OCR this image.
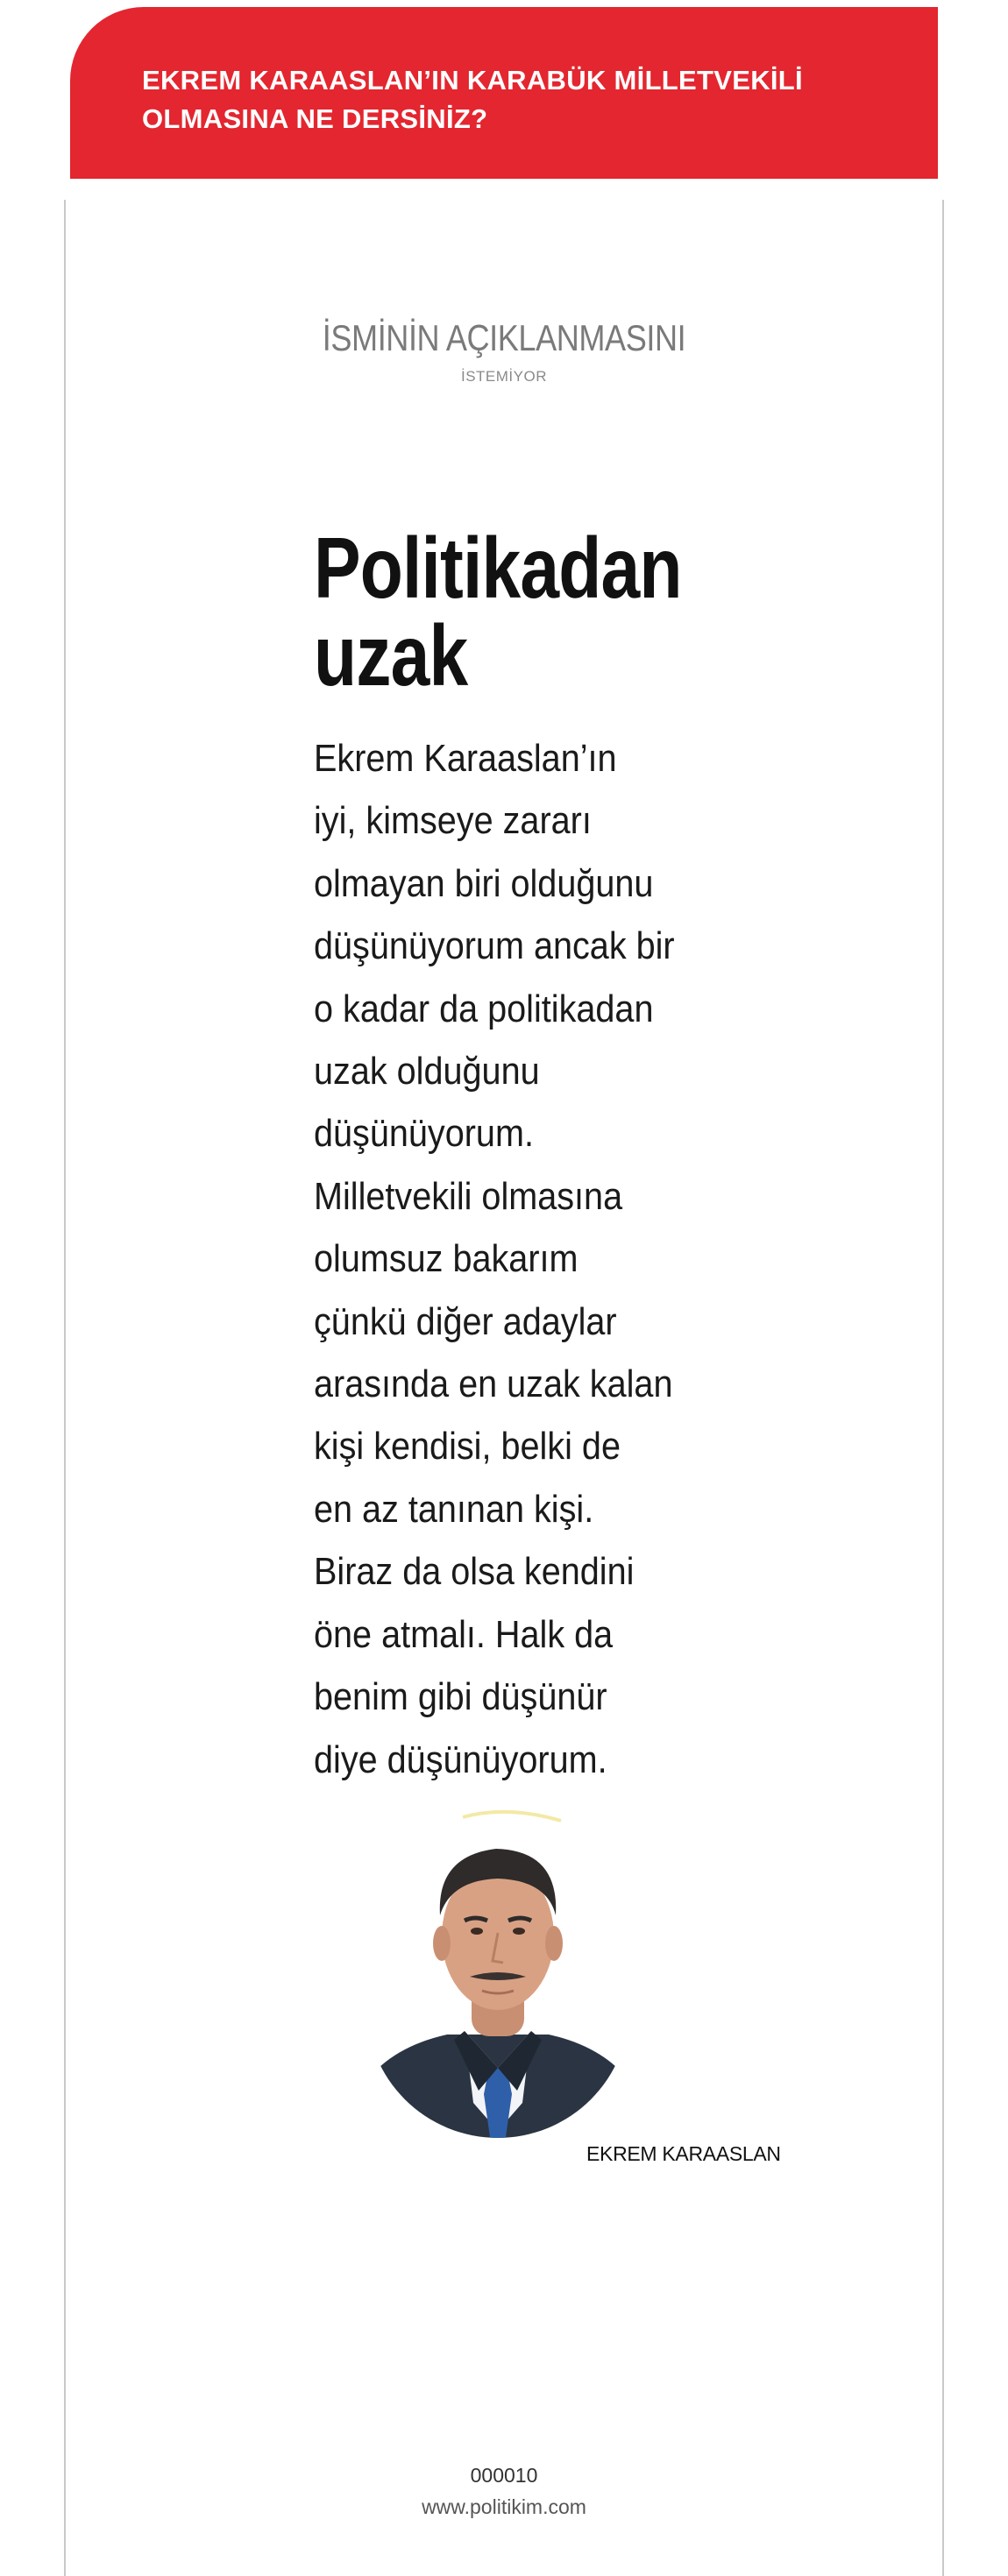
EKREM KARAASLAN’IN KARABÜK MİLLETVEKİLİ
OLMASINA NE DERSİNİZ?
İSMİNİN AÇIKLANMASINI
İSTEMİYOR
Politikadan
uzak
Ekrem Karaaslan’ın
iyi, kimseye zararı
olmayan biri olduğunu
düşünüyorum ancak bir
o kadar da politikadan
uzak olduğunu
düşünüyorum.
Milletvekili olmasına
olumsuz bakarım
çünkü diğer adaylar
arasında en uzak kalan
kişi kendisi, belki de
en az tanınan kişi.
Biraz da olsa kendini
öne atmalı. Halk da
benim gibi düşünür
diye düşünüyorum.
EKREM KARAASLAN
000010
www.politikim.com
